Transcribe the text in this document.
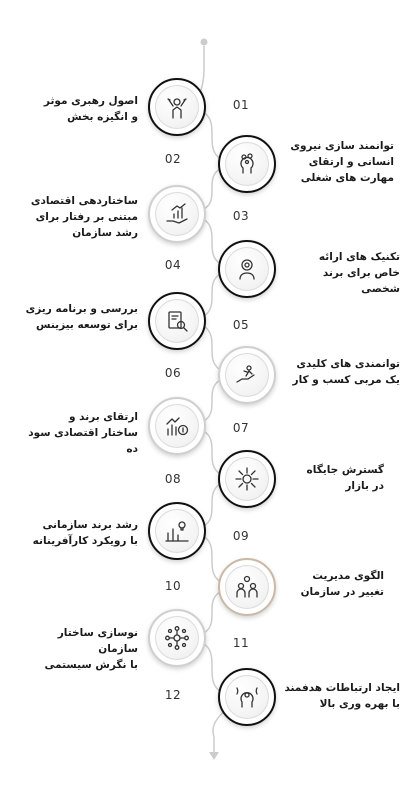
01
اصول رهبری موثر
و انگیزه بخش
02
توانمند سازی نیروی
انسانی و ارتقای
مهارت های شغلی
03
ساختاردهی اقتصادی
مبتنی بر رفتار برای
رشد سازمان
04
تکنیک های ارائه
خاص برای برند شخصی
05
بررسی و برنامه ریزی
برای توسعه بیزینس
06
توانمندی های کلیدی
یک مربی کسب و کار
07
ارتقای برند و
ساختار اقتصادی سود ده
08
گسترش جایگاه
در بازار
09
رشد برند سازمانی
با رویکرد کارآفرینانه
10
الگوی مدیریت
تغییر در سازمان
11
نوسازی ساختار سازمان
با نگرش سیستمی
12	ایجاد ارتباطات هدفمند
با بهره وری بالا
